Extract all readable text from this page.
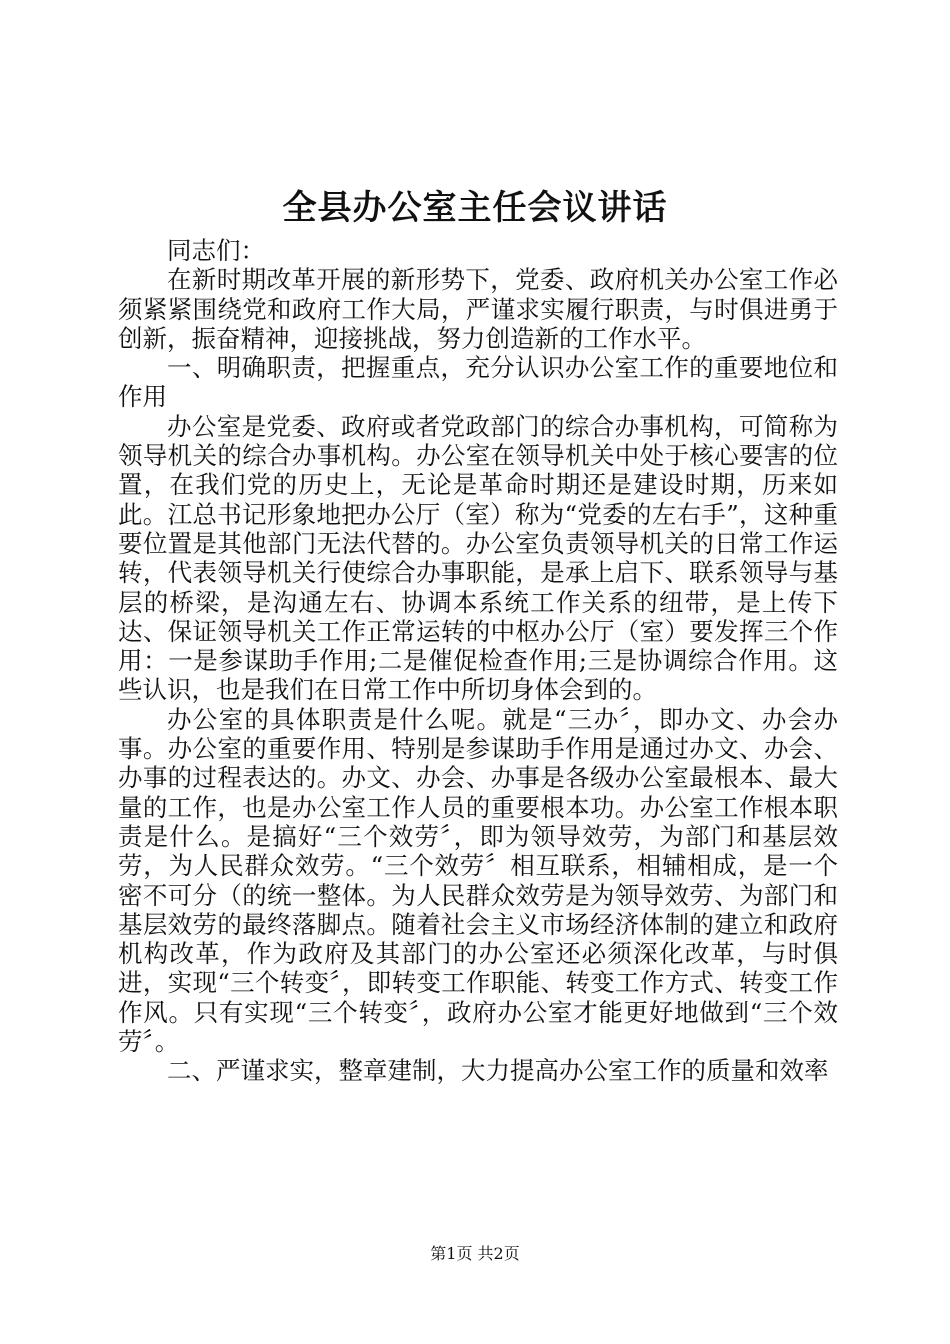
全县办公室主任会议讲话

同志们：

在新时期改革开展的新形势下，党委、政府机关办公室工作必须紧紧围绕党和政府工作大局，严谨求实履行职责，与时俱进勇于创新，振奋精神，迎接挑战，努力创造新的工作水平。

一、明确职责，把握重点，充分认识办公室工作的重要地位和作用

办公室是党委、政府或者党政部门的综合办事机构，可简称为领导机关的综合办事机构。办公室在领导机关中处于核心要害的位置，在我们党的历史上，无论是革命时期还是建设时期，历来如此。江总书记形象地把办公厅（室）称为“党委的左右手”，这种重要位置是其他部门无法代替的。办公室负责领导机关的日常工作运转，代表领导机关行使综合办事职能，是承上启下、联系领导与基层的桥梁，是沟通左右、协调本系统工作关系的纽带，是上传下达、保证领导机关工作正常运转的中枢办公厅（室）要发挥三个作用：一是参谋助手作用;二是催促检查作用;三是协调综合作用。这些认识，也是我们在日常工作中所切身体会到的。

办公室的具体职责是什么呢。就是“三办〞，即办文、办会办事。办公室的重要作用、特别是参谋助手作用是通过办文、办会、办事的过程表达的。办文、办会、办事是各级办公室最根本、最大量的工作，也是办公室工作人员的重要根本功。办公室工作根本职责是什么。是搞好“三个效劳〞，即为领导效劳，为部门和基层效劳，为人民群众效劳。“三个效劳〞相互联系，相辅相成，是一个密不可分（的统一整体。为人民群众效劳是为领导效劳、为部门和基层效劳的最终落脚点。随着社会主义市场经济体制的建立和政府机构改革，作为政府及其部门的办公室还必须深化改革，与时俱进，实现“三个转变〞，即转变工作职能、转变工作方式、转变工作作风。只有实现“三个转变〞，政府办公室才能更好地做到“三个效劳〞。

二、严谨求实，整章建制，大力提高办公室工作的质量和效率

第1页 共2页
